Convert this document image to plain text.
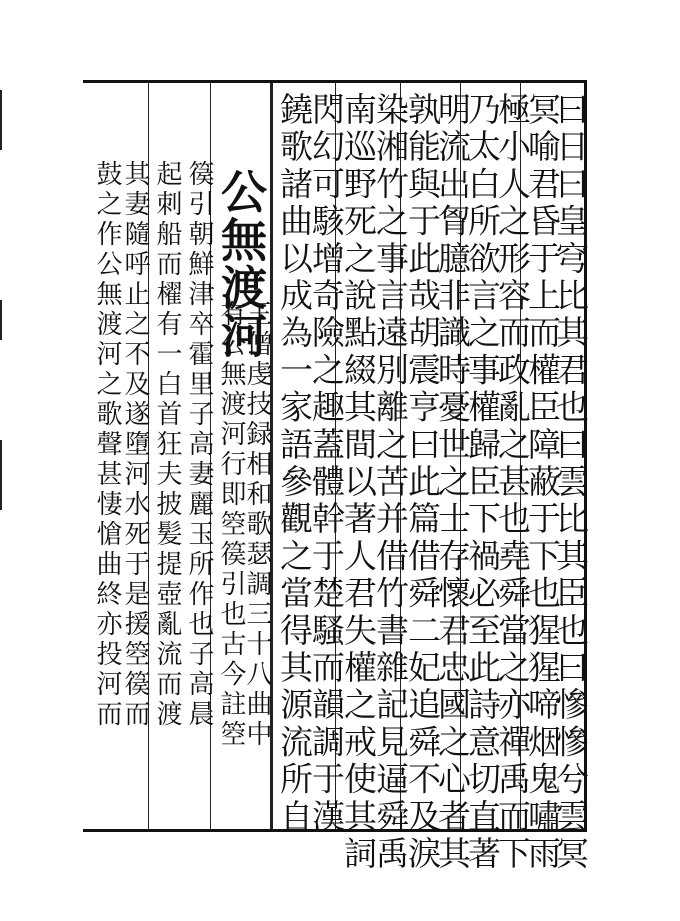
曰日曰皇穹比其君也曰雲比其臣也曰慘慘兮雲冥
冥喻君昏于上而權臣障蔽于下也猩猩啼烟鬼嘯雨
極小人之形容而政亂之甚也堯舜當之亦禪禹而下
乃太白所欲言之事權歸臣下禍必至此詩意切直著
明流出胷臆非識時憂世之士存懷君忠國之心者其
孰能與于此哉胡震亨曰此篇借舜二妃追舜不及淚
染湘竹之事言遠別離之苦并借竹書雜記見逼舜禹
南巡野死之說點綴其間以著人君失權之戒使其詞
閃幻可駭增奇險之趣蓋體幹于楚騷而韻調于漢
鐃歌諸曲以成為一家語參觀之當得其源流所自
公無渡河
王僧虔技録相和歌瑟調三十八曲中
有公無渡河行即箜篌引也古今註箜
篌引朝鮮津卒霍里子高妻麗玉所作也子高晨
起刺船而櫂有一白首狂夫披髪提壺亂流而渡
其妻隨呼止之不及遂墮河水死于是援箜篌而
鼓之作公無渡河之歌聲甚悽愴曲終亦投河而
